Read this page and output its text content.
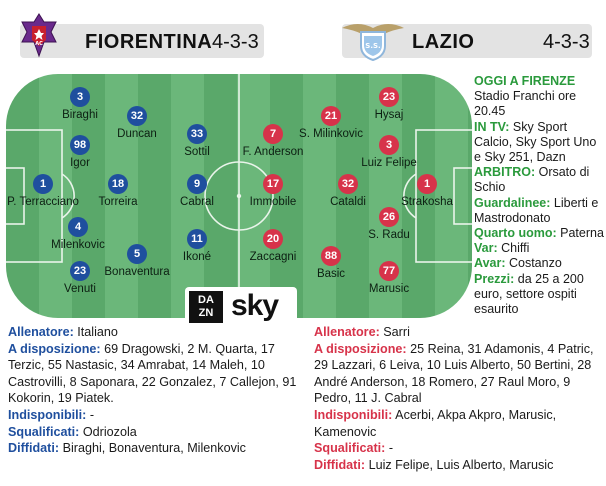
AC FIORENTINA 4-3-3	S.S. LAZIO	4-3-3
3
Biraghi
98
Igor
1
P. Terracciano
4
Milenkovic
23
Venuti
32
Duncan
18
Torreira
5
Bonaventura
33
Sottil
9
Cabral
11
Ikoné
23
Hysaj
3
Luiz Felipe
1
Strakosha
26
S. Radu
77
Marusic
21
S. Milinkovic
32
Cataldi
88
Basic
7
F. Anderson
17
Immobile
20
Zaccagni
DA
ZN sky
OGGI A FIRENZE
Stadio Franchi ore 20.45
IN TV: Sky Sport Calcio, Sky Sport Uno e Sky 251, Dazn
ARBITRO: Orsato di Schio
Guardalinee: Liberti e Mastrodonato
Quarto uomo: Paterna
Var: Chiffi
Avar: Costanzo
Prezzi: da 25 a 200 euro, settore ospiti esaurito
Allenatore: Italiano
A disposizione: 69 Dragowski, 2 M. Quarta, 17 Terzic, 55 Nastasic, 34 Amrabat, 14 Maleh, 10 Castrovilli, 8 Saponara, 22 Gonzalez, 7 Callejon, 91 Kokorin, 19 Piatek.
Indisponibili: -
Squalificati: Odriozola
Diffidati: Biraghi, Bonaventura, Milenkovic
Allenatore: Sarri
A disposizione: 25 Reina, 31 Adamonis, 4 Patric, 29 Lazzari, 6 Leiva, 10 Luis Alberto, 50 Bertini, 28 André Anderson, 18 Romero, 27 Raul Moro, 9 Pedro, 11 J. Cabral
Indisponibili: Acerbi, Akpa Akpro, Marusic, Kamenovic
Squalificati: -
Diffidati: Luiz Felipe, Luis Alberto, Marusic
